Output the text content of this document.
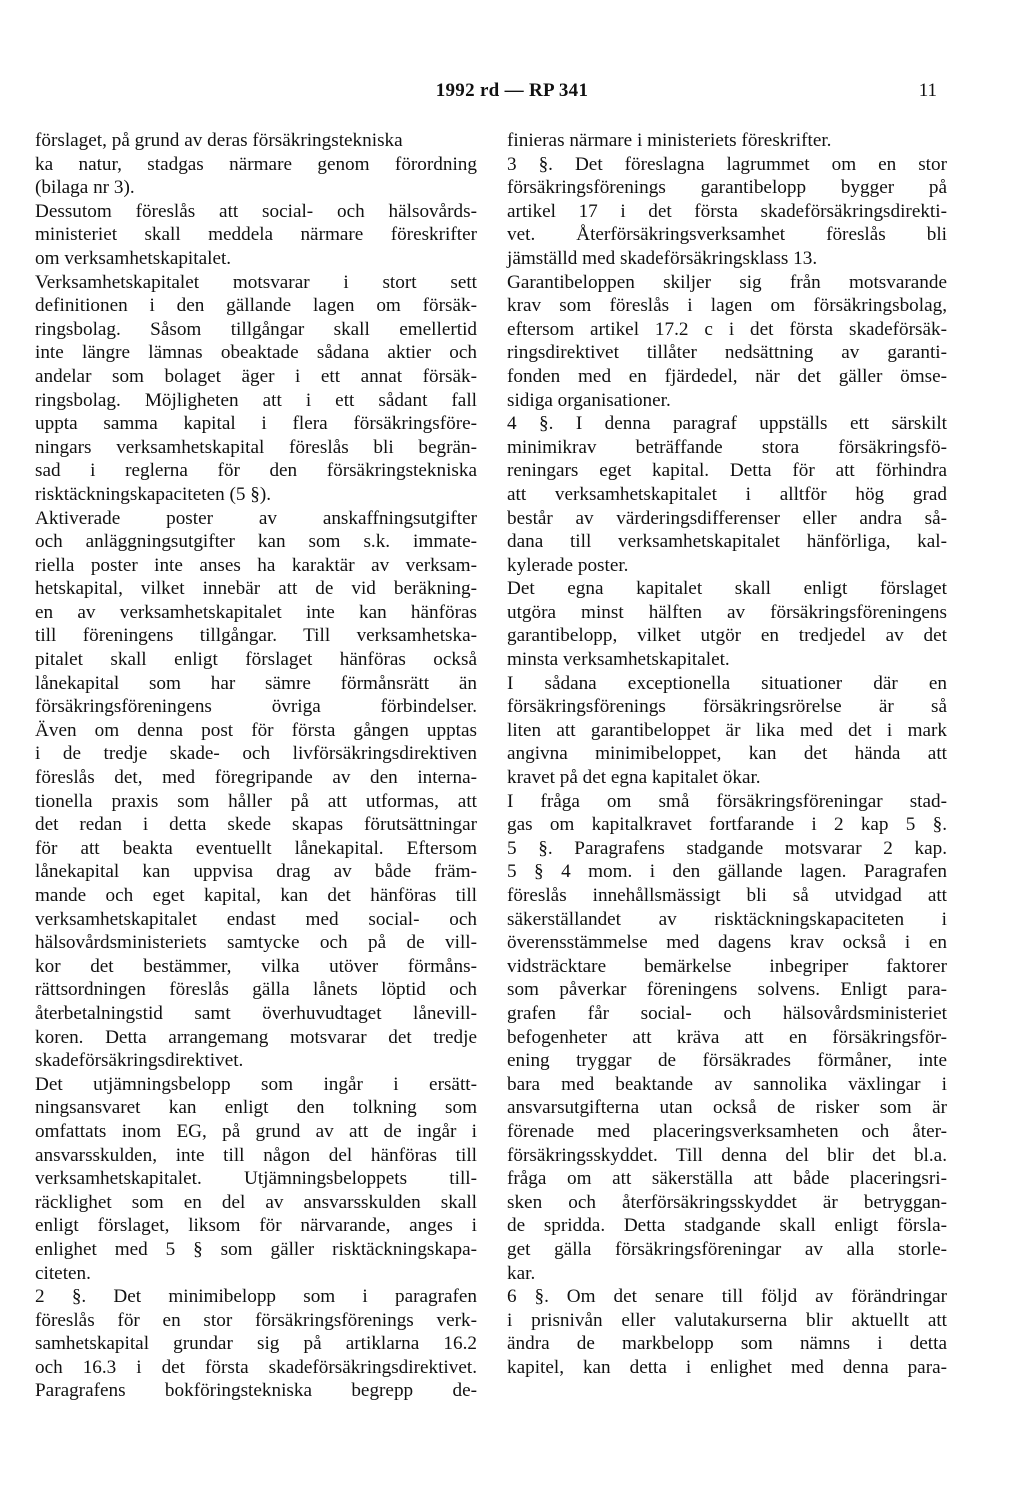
1992 rd — RP 341	11
förslaget, på grund av deras försäkringstekniska
ka natur, stadgas närmare genom förordning
(bilaga nr 3).
Dessutom föreslås att social- och hälsovårds-
ministeriet skall meddela närmare föreskrifter
om verksamhetskapitalet.
Verksamhetskapitalet motsvarar i stort sett
definitionen i den gällande lagen om försäk-
ringsbolag. Såsom tillgångar skall emellertid
inte längre lämnas obeaktade sådana aktier och
andelar som bolaget äger i ett annat försäk-
ringsbolag. Möjligheten att i ett sådant fall
uppta samma kapital i flera försäkringsföre-
ningars verksamhetskapital föreslås bli begrän-
sad i reglerna för den försäkringstekniska
risktäckningskapaciteten (5 §).
Aktiverade poster av anskaffningsutgifter
och anläggningsutgifter kan som s.k. immate-
riella poster inte anses ha karaktär av verksam-
hetskapital, vilket innebär att de vid beräkning-
en av verksamhetskapitalet inte kan hänföras
till föreningens tillgångar. Till verksamhetska-
pitalet skall enligt förslaget hänföras också
lånekapital som har sämre förmånsrätt än
försäkringsföreningens övriga förbindelser.
Även om denna post för första gången upptas
i de tredje skade- och livförsäkringsdirektiven
föreslås det, med föregripande av den interna-
tionella praxis som håller på att utformas, att
det redan i detta skede skapas förutsättningar
för att beakta eventuellt lånekapital. Eftersom
lånekapital kan uppvisa drag av både främ-
mande och eget kapital, kan det hänföras till
verksamhetskapitalet endast med social- och
hälsovårdsministeriets samtycke och på de vill-
kor det bestämmer, vilka utöver förmåns-
rättsordningen föreslås gälla lånets löptid och
återbetalningstid samt överhuvudtaget lånevill-
koren. Detta arrangemang motsvarar det tredje
skadeförsäkringsdirektivet.
Det utjämningsbelopp som ingår i ersätt-
ningsansvaret kan enligt den tolkning som
omfattats inom EG, på grund av att de ingår i
ansvarsskulden, inte till någon del hänföras till
verksamhetskapitalet. Utjämningsbeloppets till-
räcklighet som en del av ansvarsskulden skall
enligt förslaget, liksom för närvarande, anges i
enlighet med 5 § som gäller risktäckningskapa-
citeten.
2 §. Det minimibelopp som i paragrafen
föreslås för en stor försäkringsförenings verk-
samhetskapital grundar sig på artiklarna 16.2
och 16.3 i det första skadeförsäkringsdirektivet.
Paragrafens bokföringstekniska begrepp de-
finieras närmare i ministeriets föreskrifter.
3 §. Det föreslagna lagrummet om en stor
försäkringsförenings garantibelopp bygger på
artikel 17 i det första skadeförsäkringsdirekti-
vet. Återförsäkringsverksamhet föreslås bli
jämställd med skadeförsäkringsklass 13.
Garantibeloppen skiljer sig från motsvarande
krav som föreslås i lagen om försäkringsbolag,
eftersom artikel 17.2 c i det första skadeförsäk-
ringsdirektivet tillåter nedsättning av garanti-
fonden med en fjärdedel, när det gäller ömse-
sidiga organisationer.
4 §. I denna paragraf uppställs ett särskilt
minimikrav beträffande stora försäkringsfö-
reningars eget kapital. Detta för att förhindra
att verksamhetskapitalet i alltför hög grad
består av värderingsdifferenser eller andra så-
dana till verksamhetskapitalet hänförliga, kal-
kylerade poster.
Det egna kapitalet skall enligt förslaget
utgöra minst hälften av försäkringsföreningens
garantibelopp, vilket utgör en tredjedel av det
minsta verksamhetskapitalet.
I sådana exceptionella situationer där en
försäkringsförenings försäkringsrörelse är så
liten att garantibeloppet är lika med det i mark
angivna minimibeloppet, kan det hända att
kravet på det egna kapitalet ökar.
I fråga om små försäkringsföreningar stad-
gas om kapitalkravet fortfarande i 2 kap 5 §.
5 §. Paragrafens stadgande motsvarar 2 kap.
5 § 4 mom. i den gällande lagen. Paragrafen
föreslås innehållsmässigt bli så utvidgad att
säkerställandet av risktäckningskapaciteten i
överensstämmelse med dagens krav också i en
vidsträcktare bemärkelse inbegriper faktorer
som påverkar föreningens solvens. Enligt para-
grafen får social- och hälsovårdsministeriet
befogenheter att kräva att en försäkringsför-
ening tryggar de försäkrades förmåner, inte
bara med beaktande av sannolika växlingar i
ansvarsutgifterna utan också de risker som är
förenade med placeringsverksamheten och åter-
försäkringsskyddet. Till denna del blir det bl.a.
fråga om att säkerställa att både placeringsri-
sken och återförsäkringsskyddet är betryggan-
de spridda. Detta stadgande skall enligt försla-
get gälla försäkringsföreningar av alla storle-
kar.
6 §. Om det senare till följd av förändringar
i prisnivån eller valutakurserna blir aktuellt att
ändra de markbelopp som nämns i detta
kapitel, kan detta i enlighet med denna para-
